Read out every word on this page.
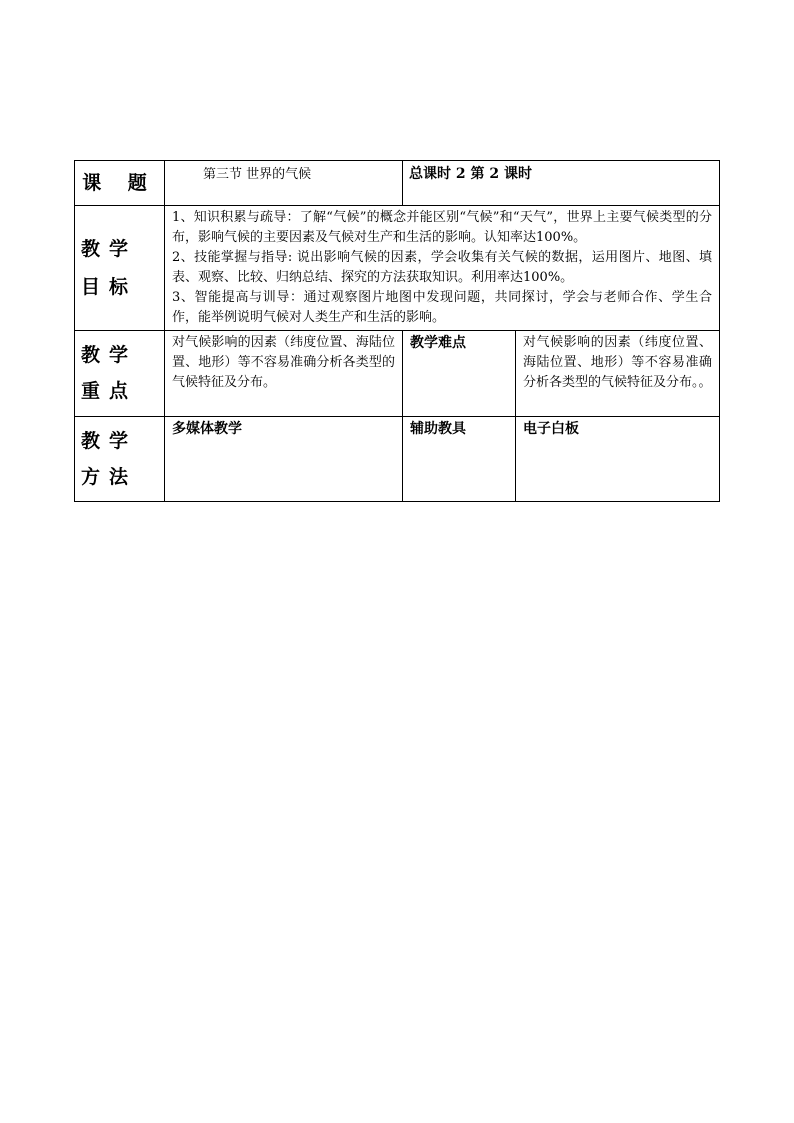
课 题	第三节 世界的气候	总课时 2 第 2 课时	
教学目标	1、知识积累与疏导：了解“气候”的概念并能区别“气候”和“天气”，世界上主要气候类型的分布，影响气候的主要因素及气候对生产和生活的影响。认知率达100%。
2、技能掌握与指导: 说出影响气候的因素，学会收集有关气候的数据，运用图片、地图、填表、观察、比较、归纳总结、探究的方法获取知识。利用率达100%。
3、智能提高与训导：通过观察图片地图中发现问题，共同探讨，学会与老师合作、学生合作，能举例说明气候对人类生产和生活的影响。		

教学重点	对气候影响的因素（纬度位置、海陆位置、地形）等不容易准确分析各类型的气候特征及分布。	教学难点	对气候影响的因素（纬度位置、海陆位置、地形）等不容易准确分析各类型的气候特征及分布。。
教学方法	多媒体教学	辅助教具	电子白板
